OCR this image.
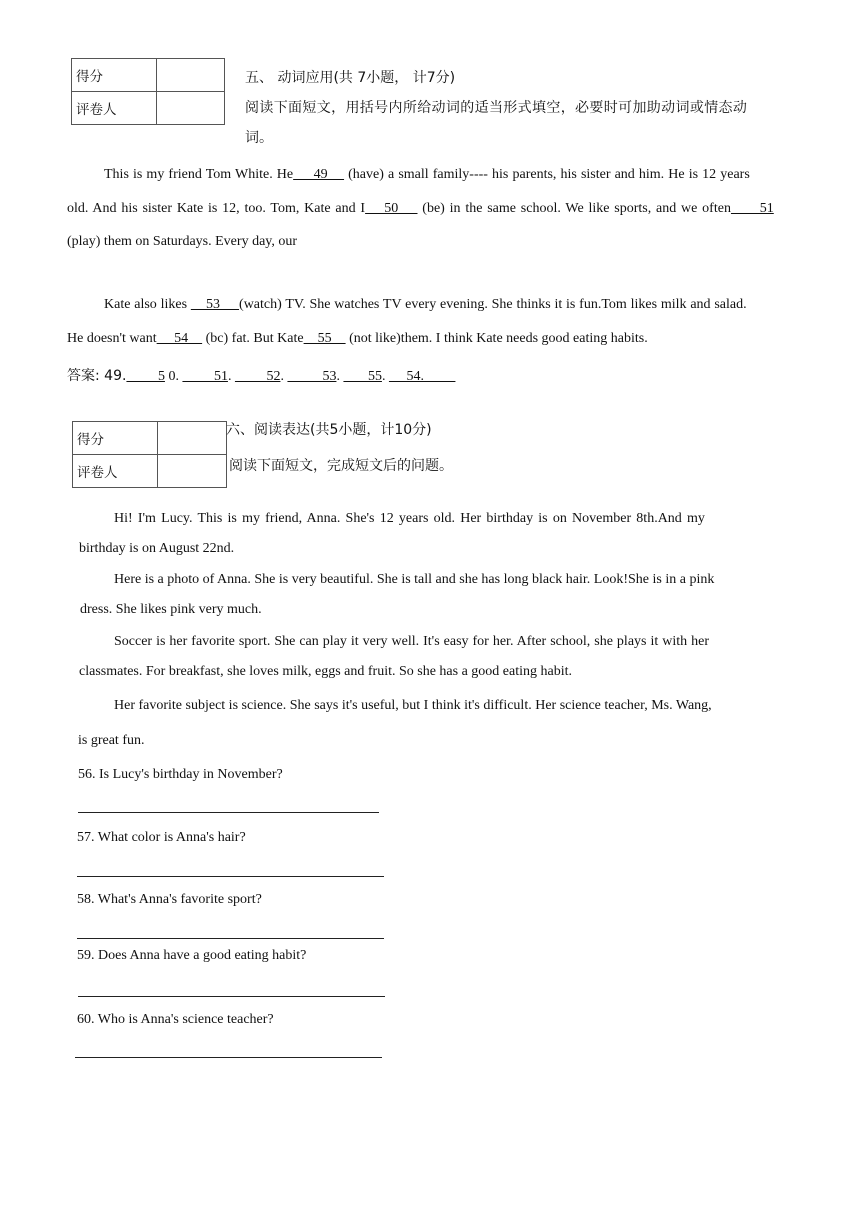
得分	
评卷人	
五、 动词应用(共 7小题， 计7分)
阅读下面短文，用括号内所给动词的适当形式填空，必要时可加助动词或情态动
词。
This is my friend Tom White. He     49     (have) a small family---- his parents, his sister and him. He is 12 years
old. And his sister Kate is 12, too. Tom, Kate and I    50     (be) in the same school. We like sports, and we often      51
(play) them on Saturdays. Every day, our
Kate also likes     53     (watch) TV. She watches TV every evening. She thinks it is fun.Tom likes milk and salad.
He doesn't want     54     (bc) fat. But Kate    55     (not like)them. I think Kate needs good eating habits.
答案: 49.         5 0.          51.          52.           53.        55.      54.
得分	
评卷人	
六、阅读表达(共5小题，计10分)
阅读下面短文，完成短文后的问题。
Hi! I'm Lucy. This is my friend, Anna. She's 12 years old. Her birthday is on November 8th.And my
birthday is on August 22nd.
Here is a photo of Anna. She is very beautiful. She is tall and she has long black hair. Look!She is in a pink
dress. She likes pink very much.
Soccer is her favorite sport. She can play it very well. It's easy for her. After school, she plays it with her
classmates. For breakfast, she loves milk, eggs and fruit. So she has a good eating habit.
Her favorite subject is science. She says it's useful, but I think it's difficult. Her science teacher, Ms. Wang,
is great fun.
56. Is Lucy's birthday in November?
57. What color is Anna's hair?
58. What's Anna's favorite sport?
59. Does Anna have a good eating habit?
60. Who is Anna's science teacher?
